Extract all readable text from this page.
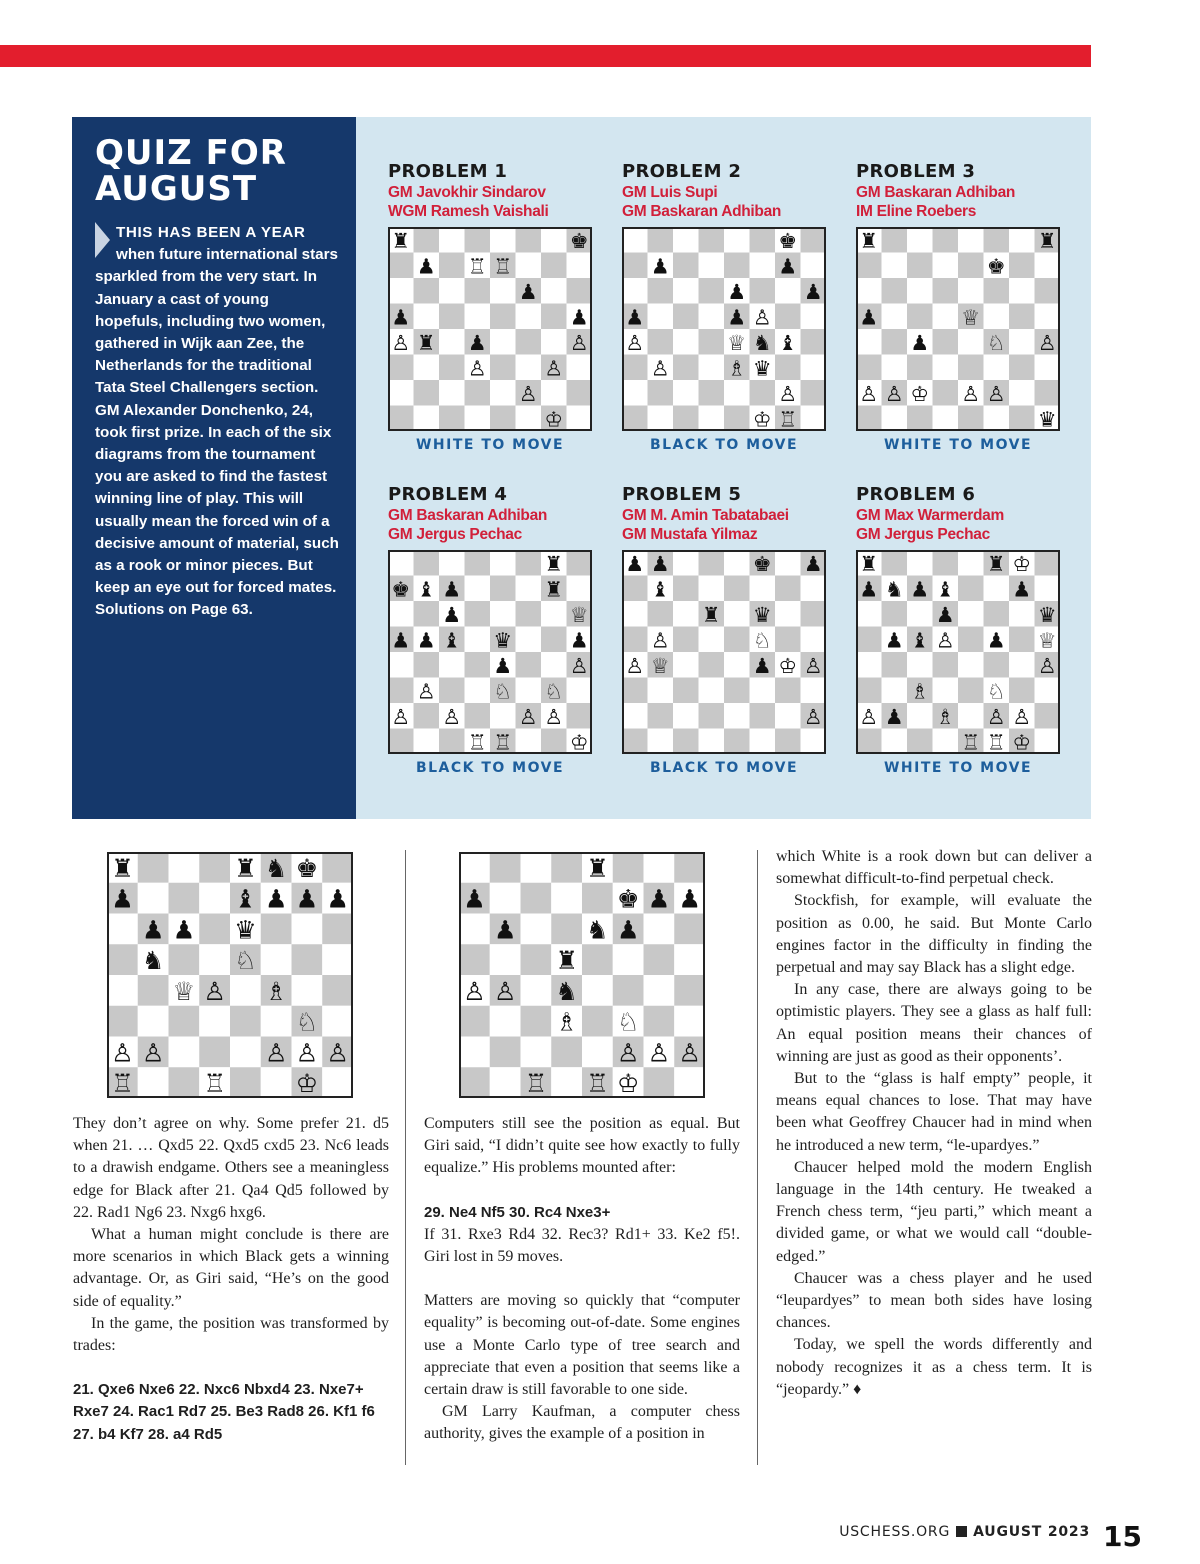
QUIZ FOR AUGUST

THIS HAS BEEN A YEAR when future international stars sparkled from the very start. In January a cast of young hopefuls, including two women, gathered in Wijk aan Zee, the Netherlands for the traditional Tata Steel Challengers section. GM Alexander Donchenko, 24, took first prize. In each of the six diagrams from the tournament you are asked to find the fastest winning line of play. This will usually mean the forced win of a decisive amount of material, such as a rook or minor pieces. But keep an eye out for forced mates. Solutions on Page 63.

PROBLEM 1
GM Javokhir Sindarov
WGM Ramesh Vaishali
♜	♚
♟ ♖ ♖
♟
♟	♟
♙ ♜ ♟	♙
♙	♙
♙
♔
WHITE TO MOVE
PROBLEM 2
GM Luis Supi
GM Baskaran Adhiban
♚
♟	♟
♟	♟
♟	♟ ♙
♙	♕ ♞ ♝
♙	♗ ♛
♙
♔ ♖
BLACK TO MOVE
PROBLEM 3
GM Baskaran Adhiban
IM Eline Roebers
♜	♜
♚
♟	♕
♟	♘ ♙
♙ ♙ ♔ ♙ ♙
♛
WHITE TO MOVE
PROBLEM 4
GM Baskaran Adhiban
GM Jergus Pechac
♜
♚ ♝ ♟	♜
♟	♕
♟ ♟ ♝ ♛	♟
♟	♙
♙	♘ ♘
♙ ♙	♙ ♙
♖ ♖	♔
BLACK TO MOVE
PROBLEM 5
GM M. Amin Tabatabaei
GM Mustafa Yilmaz
♟ ♟	♚ ♟
♝
♜ ♛
♙	♘
♙ ♕	♟ ♔ ♙
♙
BLACK TO MOVE
PROBLEM 6
GM Max Warmerdam
GM Jergus Pechac
♜	♜ ♔
♟ ♞ ♟ ♝	♟
♟	♛
♟ ♝ ♙ ♟ ♕
♙
♗	♘
♙ ♟ ♗ ♙ ♙
♖ ♖ ♔
WHITE TO MOVE
♜	♜ ♞ ♚
♟	♝ ♟ ♟ ♟
♟ ♟ ♛
♞	♘
♕ ♙ ♗
♘
♙ ♙	♙ ♙ ♙
♖	♖	♔
♜
♟	♚ ♟ ♟
♟	♞ ♟
♜
♙ ♙ ♞
♗ ♘
♙ ♙ ♙
♖ ♖ ♔

They don’t agree on why. Some prefer 21. d5 when 21. … Qxd5 22. Qxd5 cxd5 23. Nc6 leads to a drawish endgame. Others see a meaningless edge for Black after 21. Qa4 Qd5 followed by 22. Rad1 Ng6 23. Nxg6 hxg6.

What a human might conclude is there are more scenarios in which Black gets a winning advantage. Or, as Giri said, “He’s on the good side of equality.”

In the game, the position was transformed by trades:

21. Qxe6 Nxe6 22. Nxc6 Nbxd4 23. Nxe7+ Rxe7 24. Rac1 Rd7 25. Be3 Rad8 26. Kf1 f6 27. b4 Kf7 28. a4 Rd5

Computers still see the position as equal. But Giri said, “I didn’t quite see how exactly to fully equalize.” His problems mounted after:

29. Ne4 Nf5 30. Rc4 Nxe3+

If 31. Rxe3 Rd4 32. Rec3? Rd1+ 33. Ke2 f5!. Giri lost in 59 moves.

Matters are moving so quickly that “computer equality” is becoming out-of-date. Some engines use a Monte Carlo type of tree search and appreciate that even a position that seems like a certain draw is still favorable to one side.

GM Larry Kaufman, a computer chess authority, gives the example of a position in

which White is a rook down but can deliver a somewhat difficult-to-find perpetual check.

Stockfish, for example, will evaluate the position as 0.00, he said. But Monte Carlo engines factor in the difficulty in finding the perpetual and may say Black has a slight edge.

In any case, there are always going to be optimistic players. They see a glass as half full: An equal position means their chances of winning are just as good as their opponents’.

But to the “glass is half empty” people, it means equal chances to lose. That may have been what Geoffrey Chaucer had in mind when he introduced a new term, “le-upardyes.”

Chaucer helped mold the modern English language in the 14th century. He tweaked a French chess term, “jeu parti,” which meant a divided game, or what we would call “double-edged.”

Chaucer was a chess player and he used “leupardyes” to mean both sides have losing chances.

Today, we spell the words differently and nobody recognizes it as a chess term. It is “jeopardy.” ♦

USCHESS.ORG AUGUST 2023 15
